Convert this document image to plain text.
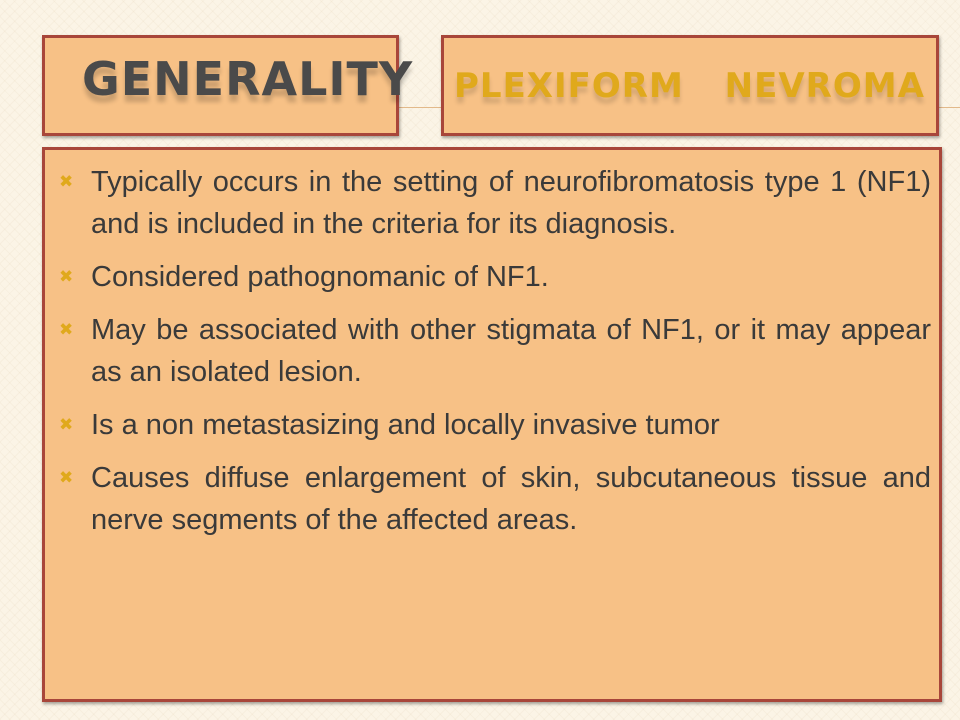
GENERALITY PLEXIFORM NEVROMA
✖ Typically occurs in the setting of neurofibromatosis type 1 (NF1) and is included in the criteria for its diagnosis.
✖ Considered pathognomanic of NF1.
✖ May be associated with other stigmata of NF1, or it may appear as an isolated lesion.
✖ Is a non metastasizing and locally invasive tumor
✖ Causes diffuse enlargement of skin, subcutaneous tissue and nerve segments of the affected areas.
